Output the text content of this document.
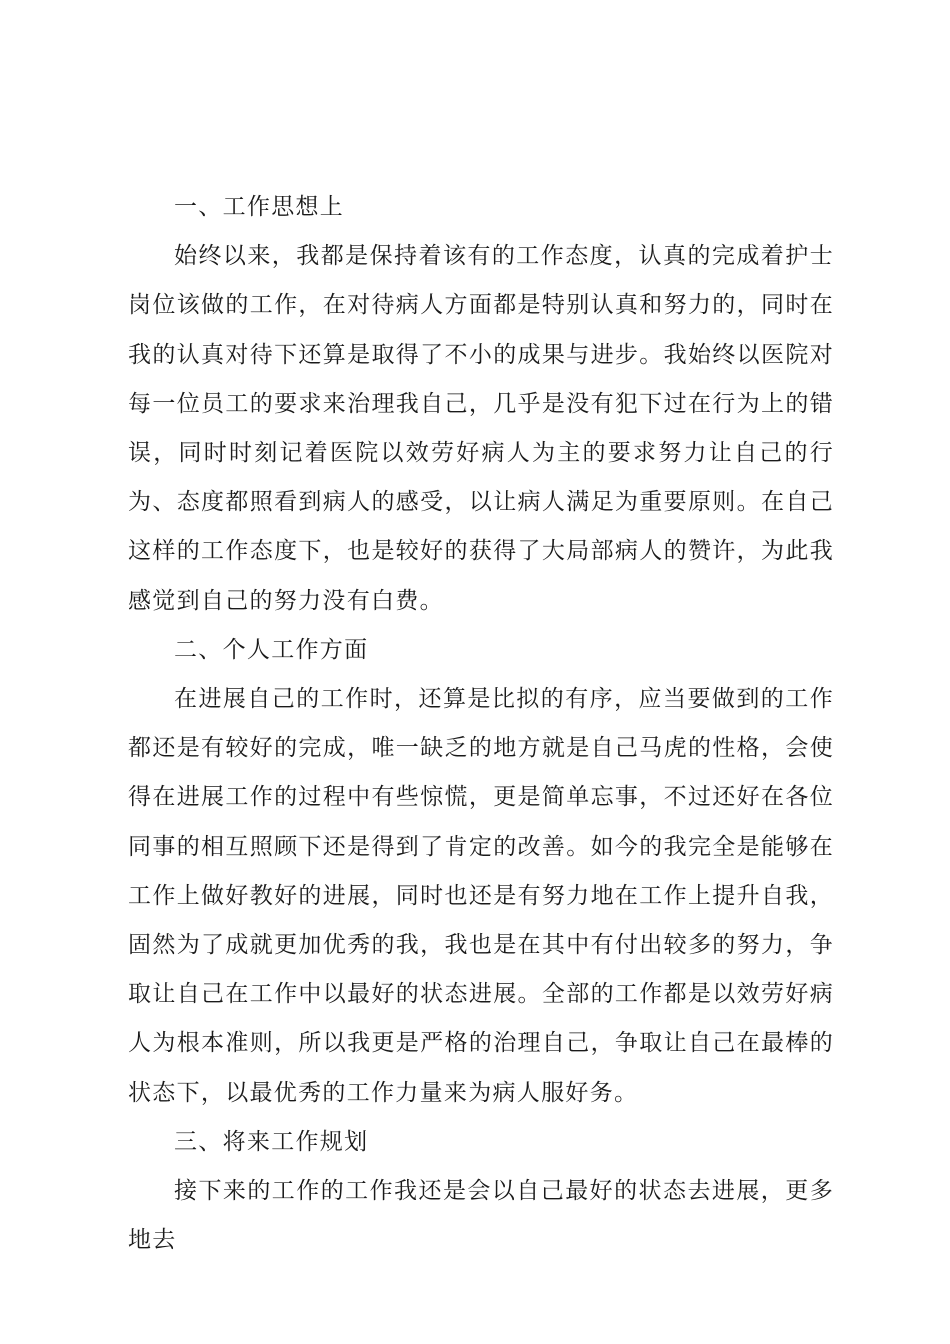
一、工作思想上

始终以来，我都是保持着该有的工作态度，认真的完成着护士岗位该做的工作，在对待病人方面都是特别认真和努力的，同时在我的认真对待下还算是取得了不小的成果与进步。我始终以医院对每一位员工的要求来治理我自己，几乎是没有犯下过在行为上的错误，同时时刻记着医院以效劳好病人为主的要求努力让自己的行为、态度都照看到病人的感受，以让病人满足为重要原则。在自己这样的工作态度下，也是较好的获得了大局部病人的赞许，为此我感觉到自己的努力没有白费。

二、个人工作方面

在进展自己的工作时，还算是比拟的有序，应当要做到的工作都还是有较好的完成，唯一缺乏的地方就是自己马虎的性格，会使得在进展工作的过程中有些惊慌，更是简单忘事，不过还好在各位同事的相互照顾下还是得到了肯定的改善。如今的我完全是能够在工作上做好教好的进展，同时也还是有努力地在工作上提升自我，固然为了成就更加优秀的我，我也是在其中有付出较多的努力，争取让自己在工作中以最好的状态进展。全部的工作都是以效劳好病人为根本准则，所以我更是严格的治理自己，争取让自己在最棒的状态下，以最优秀的工作力量来为病人服好务。

三、将来工作规划

接下来的工作的工作我还是会以自己最好的状态去进展，更多地去
